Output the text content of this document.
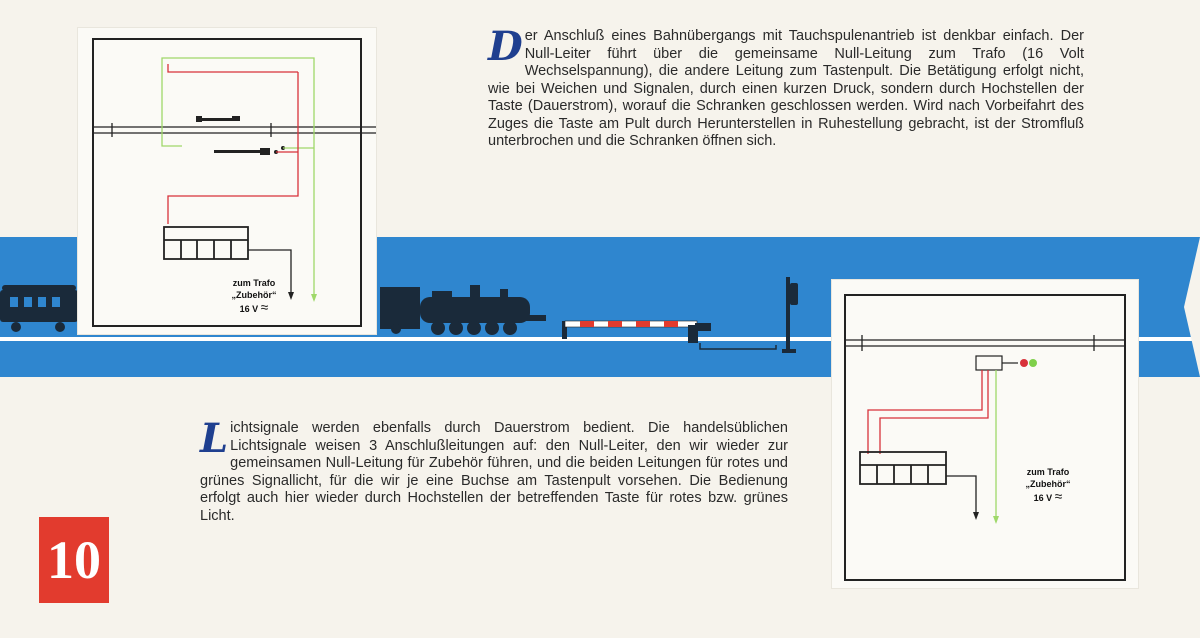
zum Trafo
„Zubehör“
16 V ≈
zum Trafo
„Zubehör“
16 V ≈
Der Anschluß eines Bahnübergangs mit Tauchspulenantrieb ist denkbar einfach. Der Null-Leiter führt über die gemeinsame Null-Leitung zum Trafo (16 Volt Wechselspannung), die andere Leitung zum Tastenpult. Die Betätigung erfolgt nicht, wie bei Weichen und Signalen, durch einen kurzen Druck, sondern durch Hochstellen der Taste (Dauerstrom), worauf die Schranken geschlossen werden. Wird nach Vorbeifahrt des Zuges die Taste am Pult durch Herunterstellen in Ruhestellung gebracht, ist der Stromfluß unterbrochen und die Schranken öffnen sich.
Lichtsignale werden ebenfalls durch Dauerstrom bedient. Die handelsüblichen Lichtsignale weisen 3 Anschlußleitungen auf: den Null-Leiter, den wir wieder zur gemeinsamen Null-Leitung für Zubehör führen, und die beiden Leitungen für rotes und grünes Signallicht, für die wir je eine Buchse am Tastenpult vorsehen. Die Bedienung erfolgt auch hier wieder durch Hochstellen der betreffenden Taste für rotes bzw. grünes Licht.
10
